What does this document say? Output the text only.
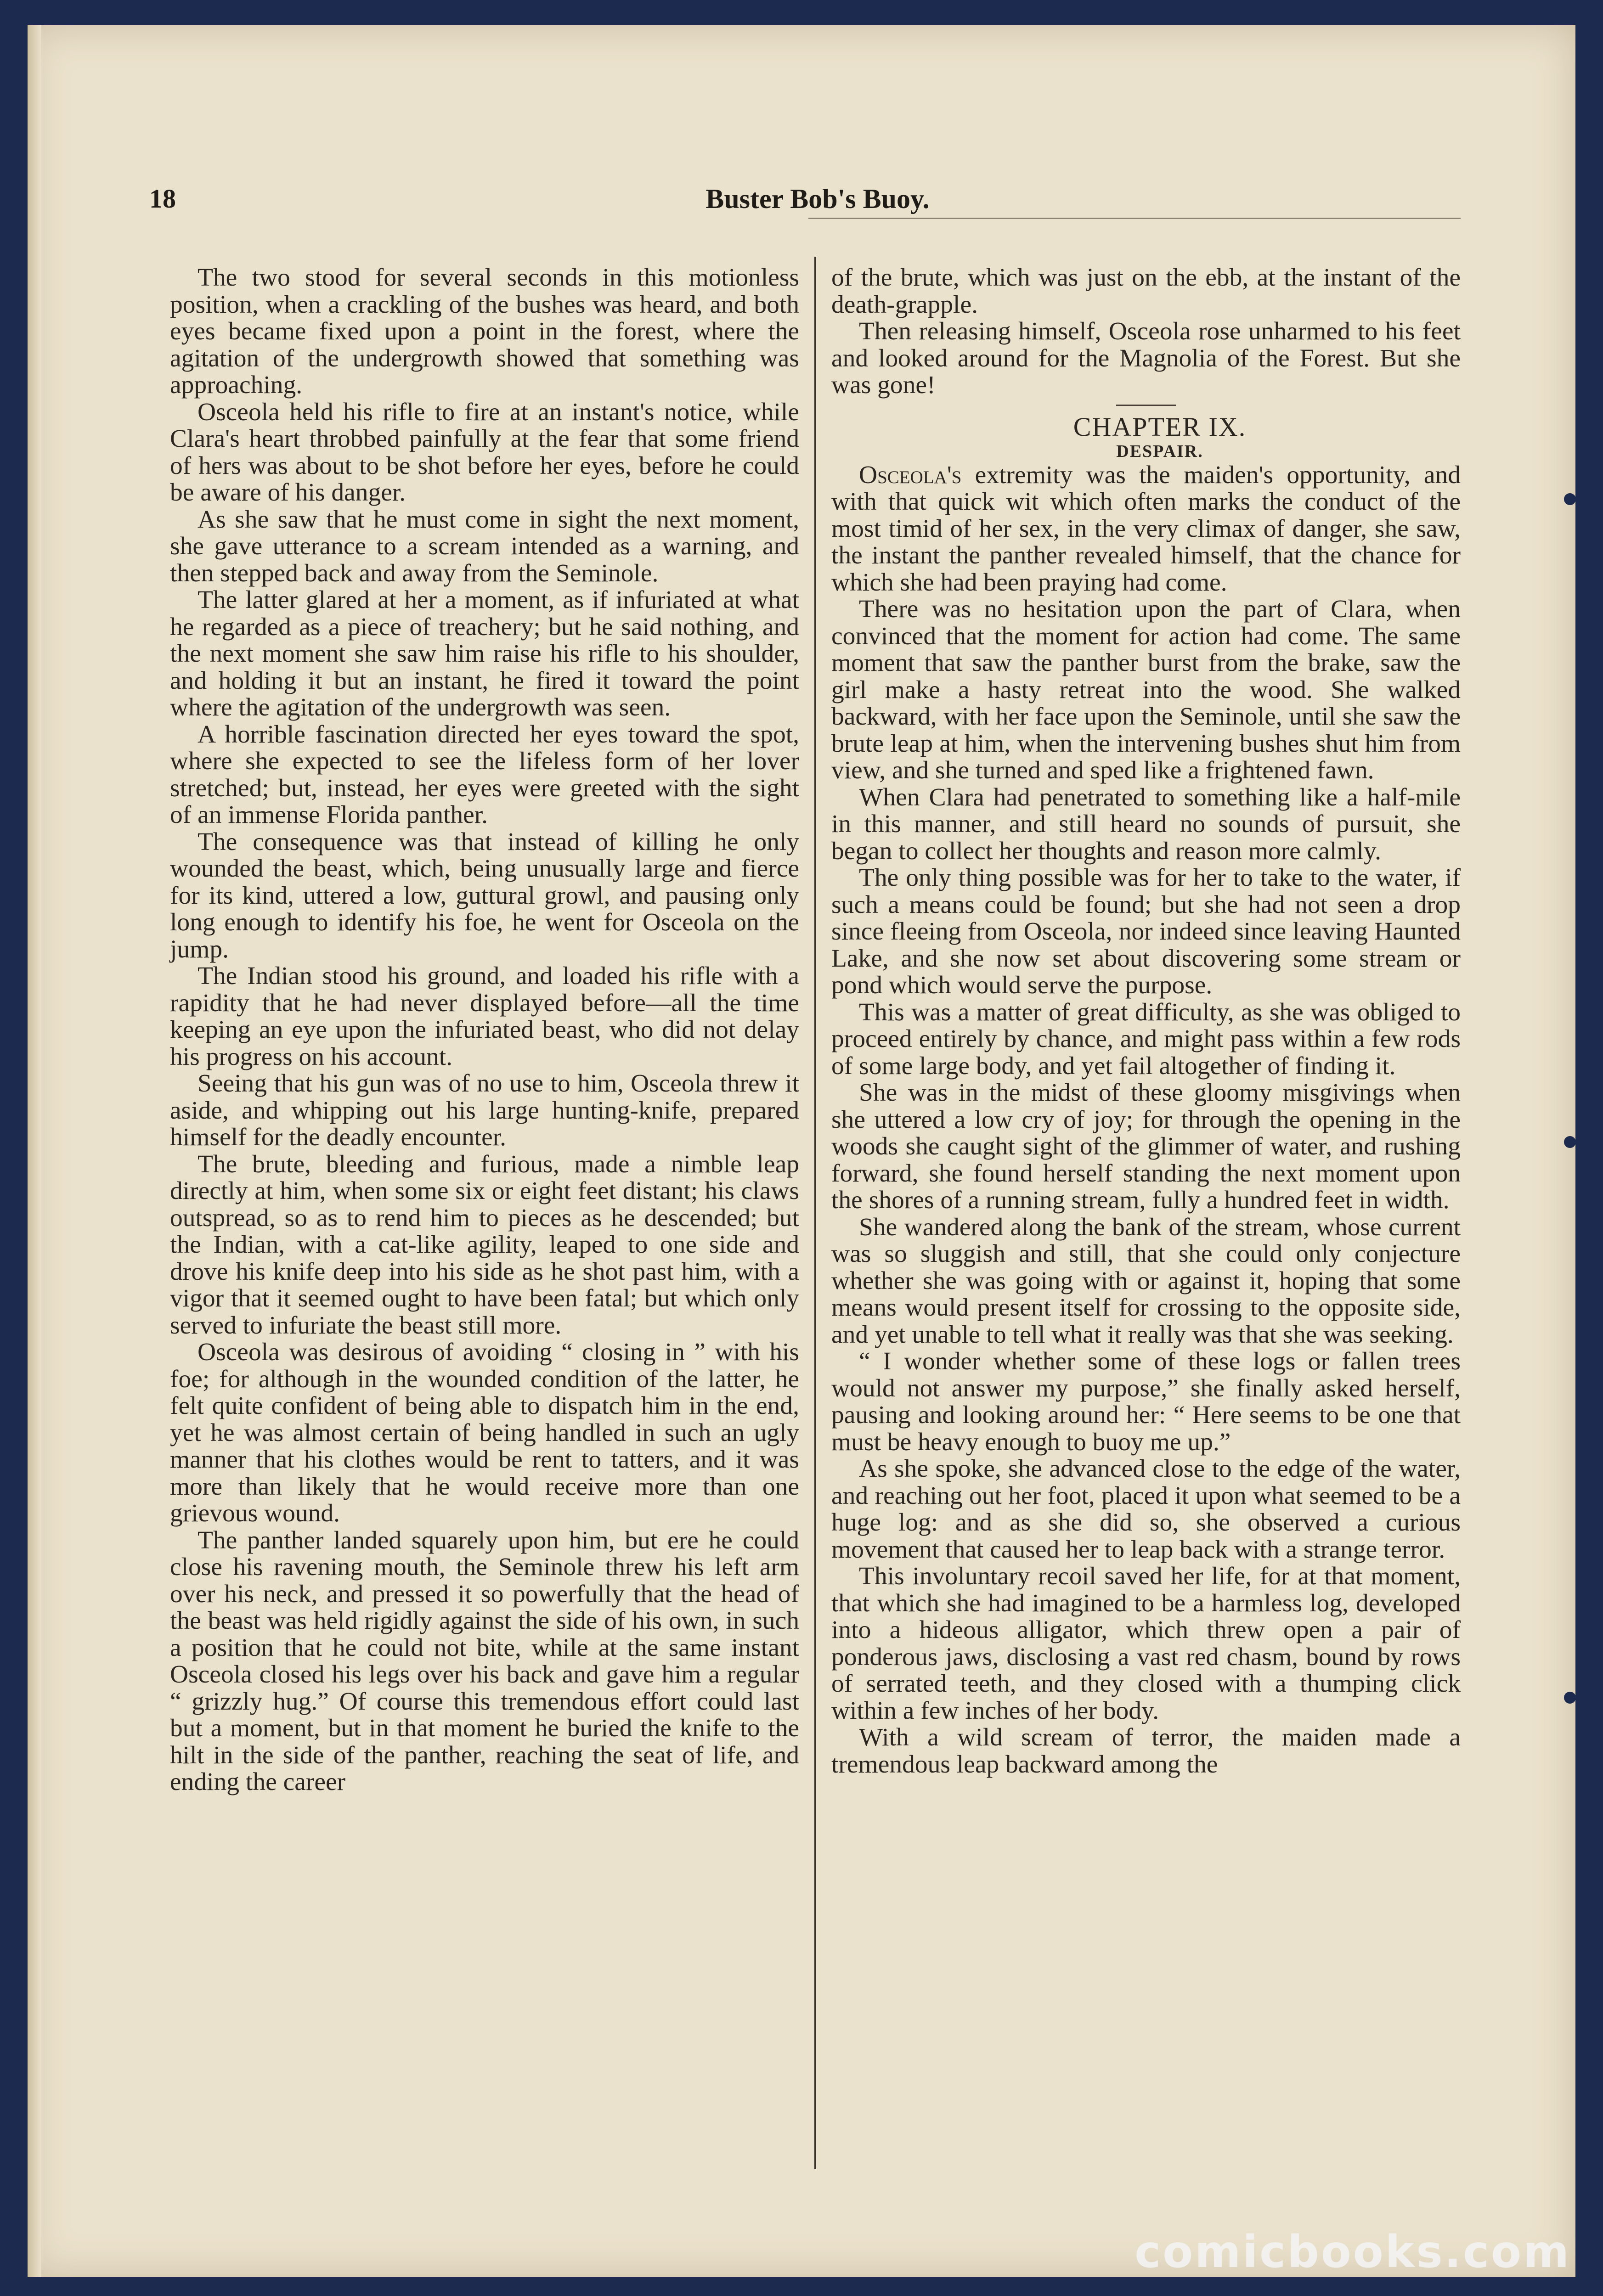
18	Buster Bob's Buoy.

The two stood for several seconds in this motionless position, when a crackling of the bushes was heard, and both eyes became fixed upon a point in the forest, where the agitation of the undergrowth showed that something was approaching.

Osceola held his rifle to fire at an instant's notice, while Clara's heart throbbed painfully at the fear that some friend of hers was about to be shot before her eyes, before he could be aware of his danger.

As she saw that he must come in sight the next moment, she gave utterance to a scream intended as a warning, and then stepped back and away from the Seminole.

The latter glared at her a moment, as if infuriated at what he regarded as a piece of treachery; but he said nothing, and the next moment she saw him raise his rifle to his shoulder, and holding it but an instant, he fired it toward the point where the agitation of the undergrowth was seen.

A horrible fascination directed her eyes toward the spot, where she expected to see the lifeless form of her lover stretched; but, instead, her eyes were greeted with the sight of an immense Florida panther.

The consequence was that instead of killing he only wounded the beast, which, being unusually large and fierce for its kind, uttered a low, guttural growl, and pausing only long enough to identify his foe, he went for Osceola on the jump.

The Indian stood his ground, and loaded his rifle with a rapidity that he had never displayed before—all the time keeping an eye upon the infuriated beast, who did not delay his progress on his account.

Seeing that his gun was of no use to him, Osceola threw it aside, and whipping out his large hunting-knife, prepared himself for the deadly encounter.

The brute, bleeding and furious, made a nimble leap directly at him, when some six or eight feet distant; his claws outspread, so as to rend him to pieces as he descended; but the Indian, with a cat-like agility, leaped to one side and drove his knife deep into his side as he shot past him, with a vigor that it seemed ought to have been fatal; but which only served to infuriate the beast still more.

Osceola was desirous of avoiding “ closing in ” with his foe; for although in the wounded condition of the latter, he felt quite confident of being able to dispatch him in the end, yet he was almost certain of being handled in such an ugly manner that his clothes would be rent to tatters, and it was more than likely that he would receive more than one grievous wound.

The panther landed squarely upon him, but ere he could close his ravening mouth, the Seminole threw his left arm over his neck, and pressed it so powerfully that the head of the beast was held rigidly against the side of his own, in such a position that he could not bite, while at the same instant Osceola closed his legs over his back and gave him a regular “ grizzly hug.” Of course this tremendous effort could last but a moment, but in that moment he buried the knife to the hilt in the side of the panther, reaching the seat of life, and ending the career

of the brute, which was just on the ebb, at the instant of the death-grapple.

Then releasing himself, Osceola rose unharmed to his feet and looked around for the Magnolia of the Forest. But she was gone!

CHAPTER IX.

DESPAIR.

Osceola's extremity was the maiden's opportunity, and with that quick wit which often marks the conduct of the most timid of her sex, in the very climax of danger, she saw, the instant the panther revealed himself, that the chance for which she had been praying had come.

There was no hesitation upon the part of Clara, when convinced that the moment for action had come. The same moment that saw the panther burst from the brake, saw the girl make a hasty retreat into the wood. She walked backward, with her face upon the Seminole, until she saw the brute leap at him, when the intervening bushes shut him from view, and she turned and sped like a frightened fawn.

When Clara had penetrated to something like a half-mile in this manner, and still heard no sounds of pursuit, she began to collect her thoughts and reason more calmly.

The only thing possible was for her to take to the water, if such a means could be found; but she had not seen a drop since fleeing from Osceola, nor indeed since leaving Haunted Lake, and she now set about discovering some stream or pond which would serve the purpose.

This was a matter of great difficulty, as she was obliged to proceed entirely by chance, and might pass within a few rods of some large body, and yet fail altogether of finding it.

She was in the midst of these gloomy misgivings when she uttered a low cry of joy; for through the opening in the woods she caught sight of the glimmer of water, and rushing forward, she found herself standing the next moment upon the shores of a running stream, fully a hundred feet in width.

She wandered along the bank of the stream, whose current was so sluggish and still, that she could only conjecture whether she was going with or against it, hoping that some means would present itself for crossing to the opposite side, and yet unable to tell what it really was that she was seeking.

“ I wonder whether some of these logs or fallen trees would not answer my purpose,” she finally asked herself, pausing and looking around her: “ Here seems to be one that must be heavy enough to buoy me up.”

As she spoke, she advanced close to the edge of the water, and reaching out her foot, placed it upon what seemed to be a huge log: and as she did so, she observed a curious movement that caused her to leap back with a strange terror.

This involuntary recoil saved her life, for at that moment, that which she had imagined to be a harmless log, developed into a hideous alligator, which threw open a pair of ponderous jaws, disclosing a vast red chasm, bound by rows of serrated teeth, and they closed with a thumping click within a few inches of her body.

With a wild scream of terror, the maiden made a tremendous leap backward among the

comicbooks.com
